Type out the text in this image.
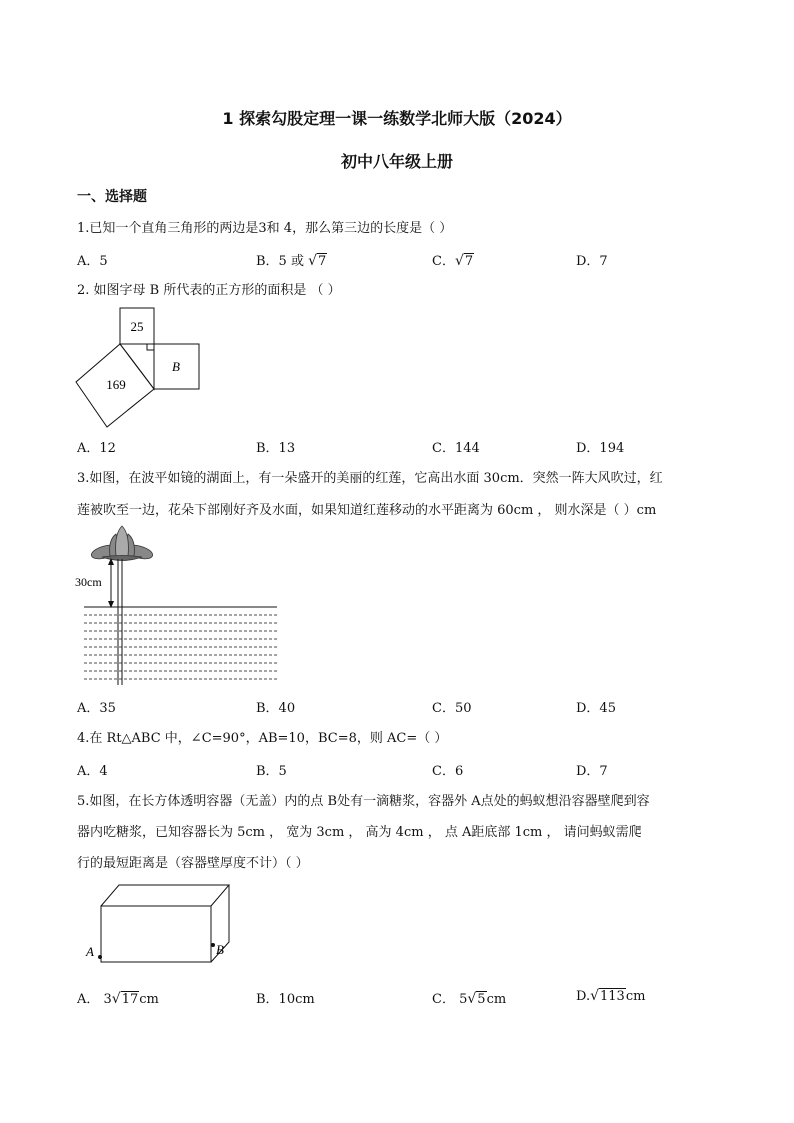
1 探索勾股定理一课一练数学北师大版（2024）
初中八年级上册
一、选择题
1.已知一个直角三角形的两边是3和 4，那么第三边的长度是（ ）
A．5	B．5 或 √7	C．√7	D．7
2. 如图字母 B 所代表的正方形的面积是 （ ）
25
169
B
A．12	B．13	C．144	D．194
3.如图，在波平如镜的湖面上，有一朵盛开的美丽的红莲，它高出水面 30cm．突然一阵大风吹过，红
莲被吹至一边，花朵下部刚好齐及水面，如果知道红莲移动的水平距离为 60cm ， 则水深是（ ）cm
30cm
A．35	B．40	C．50	D．45
4.在 Rt△ABC 中，∠C=90°，AB=10，BC=8，则 AC=（ ）
A．4	B．5	C．6	D．7
5.如图，在长方体透明容器（无盖）内的点 B处有一滴糖浆，容器外 A点处的蚂蚁想沿容器壁爬到容
器内吃糖浆，已知容器长为 5cm ， 宽为 3cm ， 高为 4cm ， 点 A距底部 1cm ， 请问蚂蚁需爬
行的最短距离是（容器壁厚度不计）（ ）
A	B
A． 3√17cm	B．10cm	C． 5√5cm	D.√113cm
